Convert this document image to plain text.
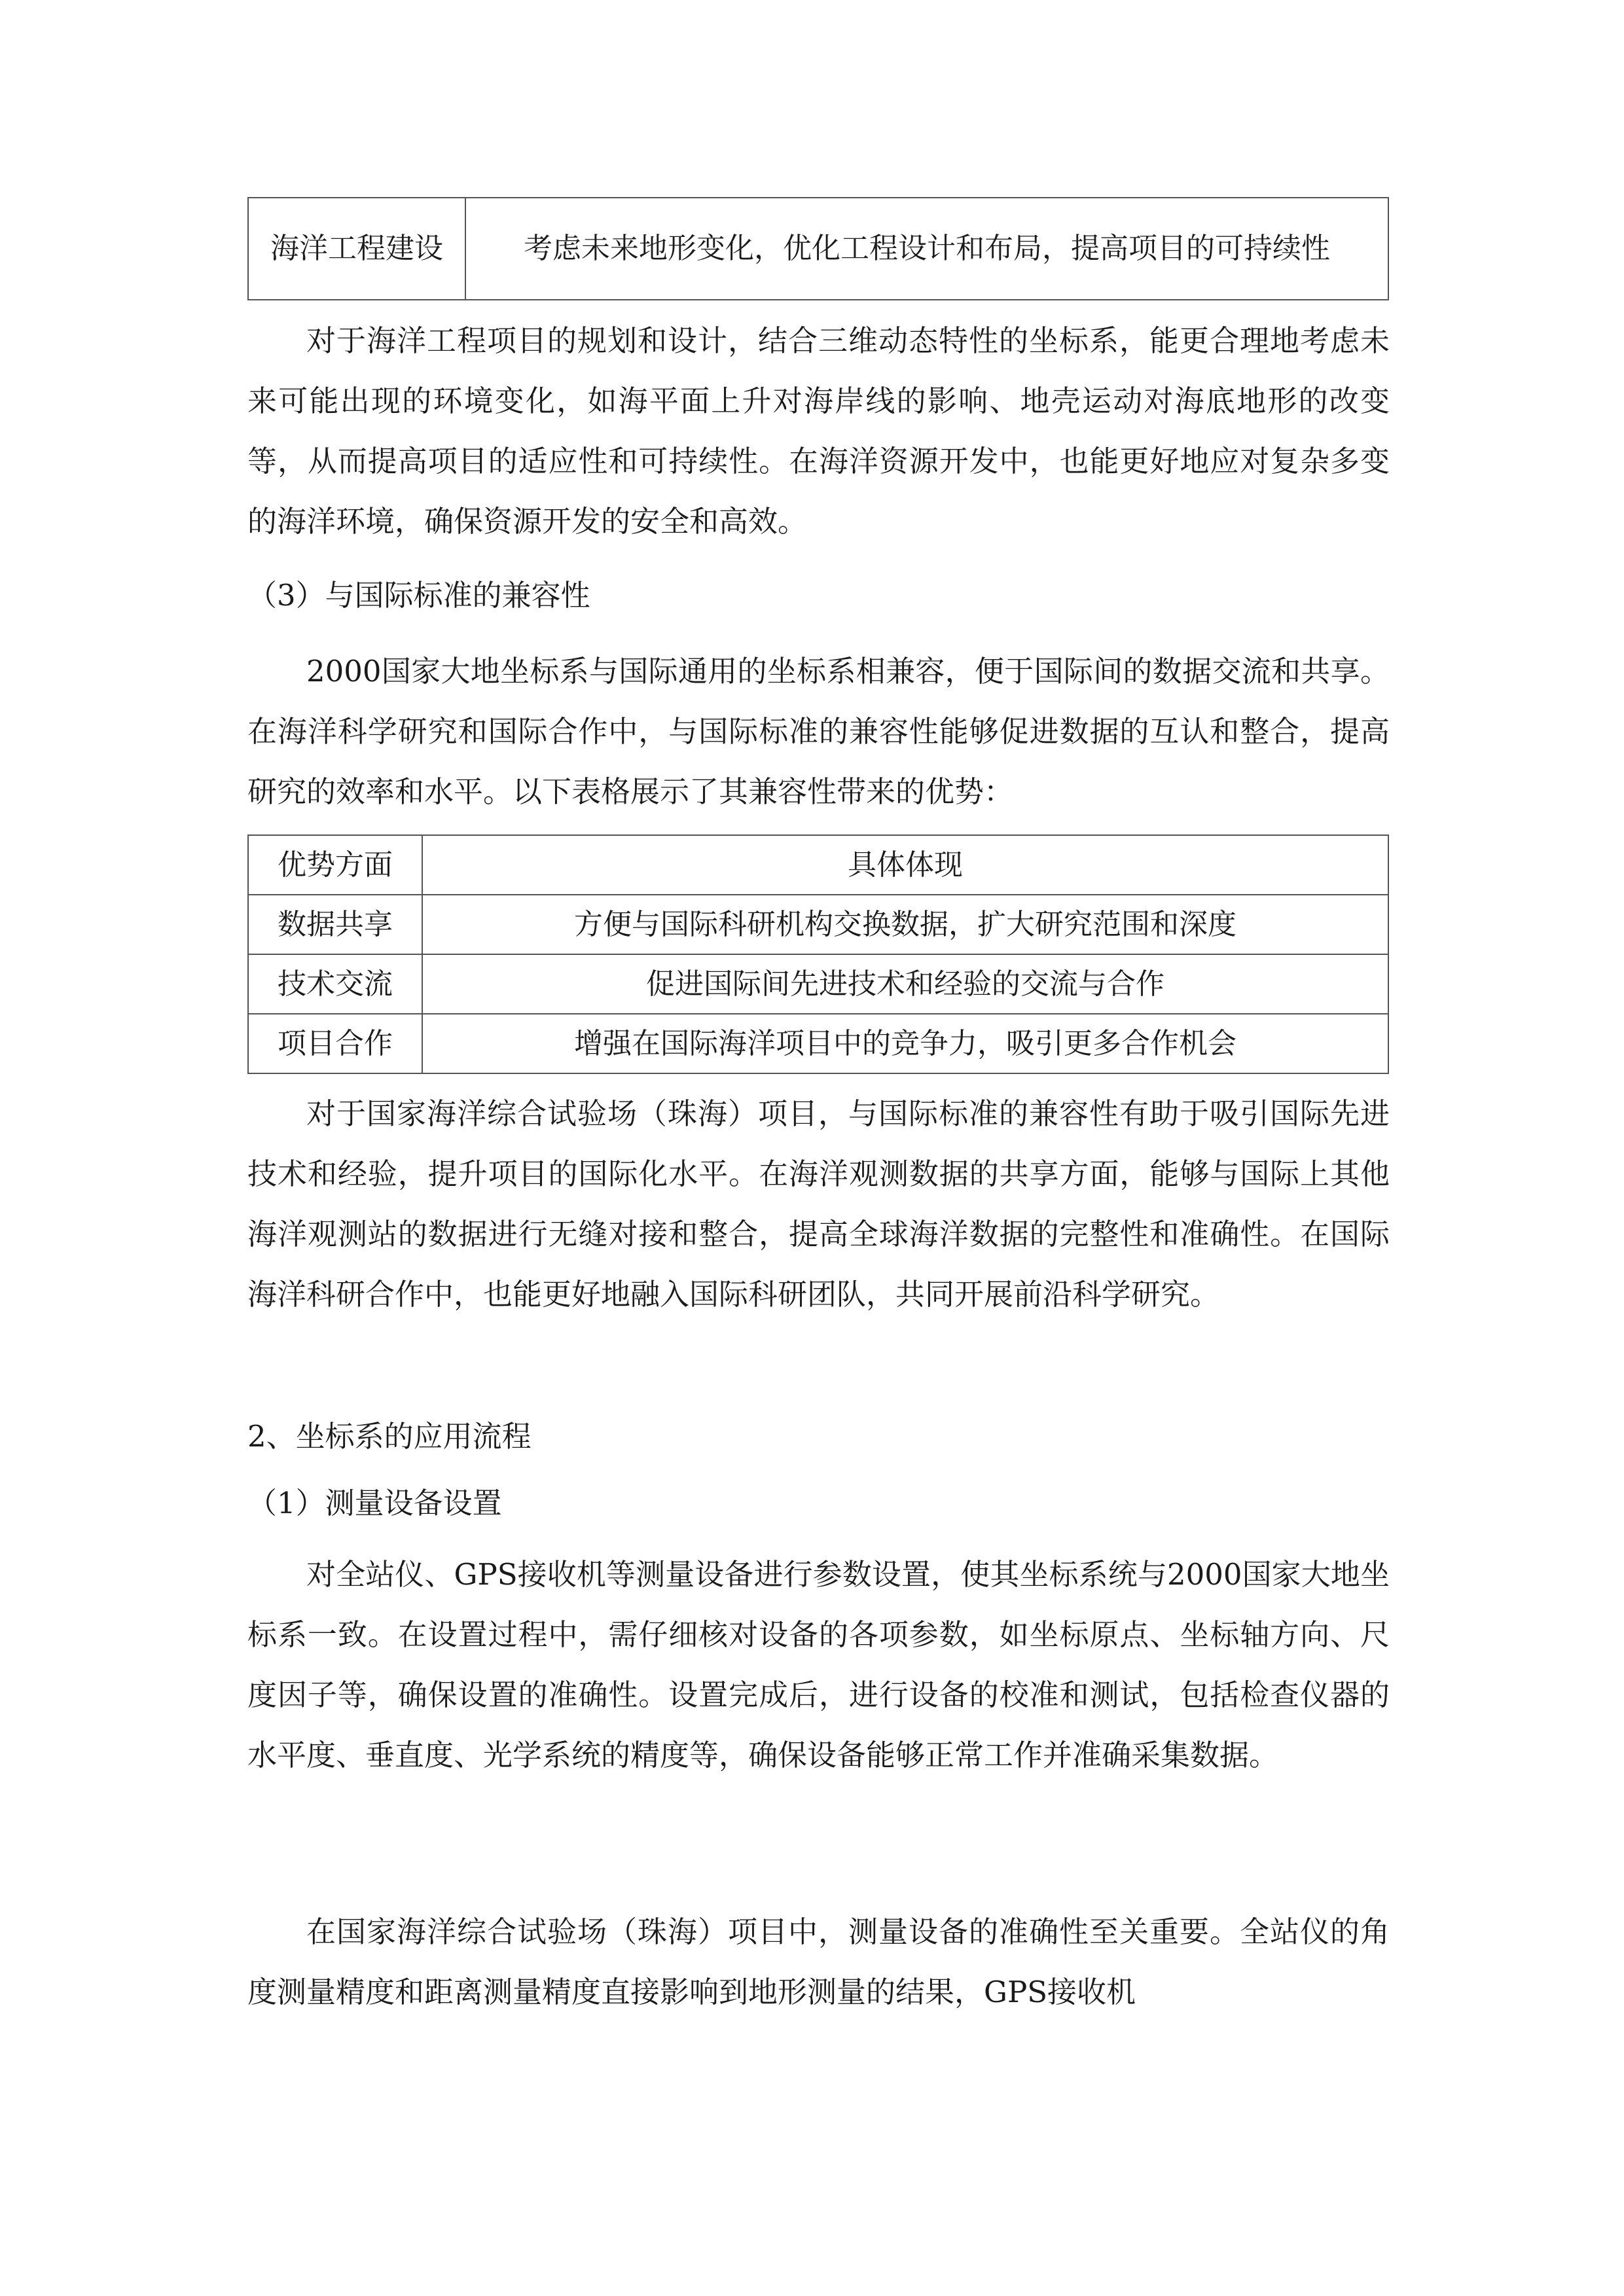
海洋工程建设	考虑未来地形变化，优化工程设计和布局，提高项目的可持续性

对于海洋工程项目的规划和设计，结合三维动态特性的坐标系，能更合理地考虑未来可能出现的环境变化，如海平面上升对海岸线的影响、地壳运动对海底地形的改变等，从而提高项目的适应性和可持续性。在海洋资源开发中，也能更好地应对复杂多变的海洋环境，确保资源开发的安全和高效。

（3）与国际标准的兼容性

2000国家大地坐标系与国际通用的坐标系相兼容，便于国际间的数据交流和共享。在海洋科学研究和国际合作中，与国际标准的兼容性能够促进数据的互认和整合，提高研究的效率和水平。以下表格展示了其兼容性带来的优势：

优势方面	具体体现
数据共享	方便与国际科研机构交换数据，扩大研究范围和深度
技术交流	促进国际间先进技术和经验的交流与合作
项目合作	增强在国际海洋项目中的竞争力，吸引更多合作机会

对于国家海洋综合试验场（珠海）项目，与国际标准的兼容性有助于吸引国际先进技术和经验，提升项目的国际化水平。在海洋观测数据的共享方面，能够与国际上其他海洋观测站的数据进行无缝对接和整合，提高全球海洋数据的完整性和准确性。在国际海洋科研合作中，也能更好地融入国际科研团队，共同开展前沿科学研究。

2、坐标系的应用流程

（1）测量设备设置

对全站仪、GPS接收机等测量设备进行参数设置，使其坐标系统与2000国家大地坐标系一致。在设置过程中，需仔细核对设备的各项参数，如坐标原点、坐标轴方向、尺度因子等，确保设置的准确性。设置完成后，进行设备的校准和测试，包括检查仪器的水平度、垂直度、光学系统的精度等，确保设备能够正常工作并准确采集数据。

在国家海洋综合试验场（珠海）项目中，测量设备的准确性至关重要。全站仪的角度测量精度和距离测量精度直接影响到地形测量的结果，GPS接收机
